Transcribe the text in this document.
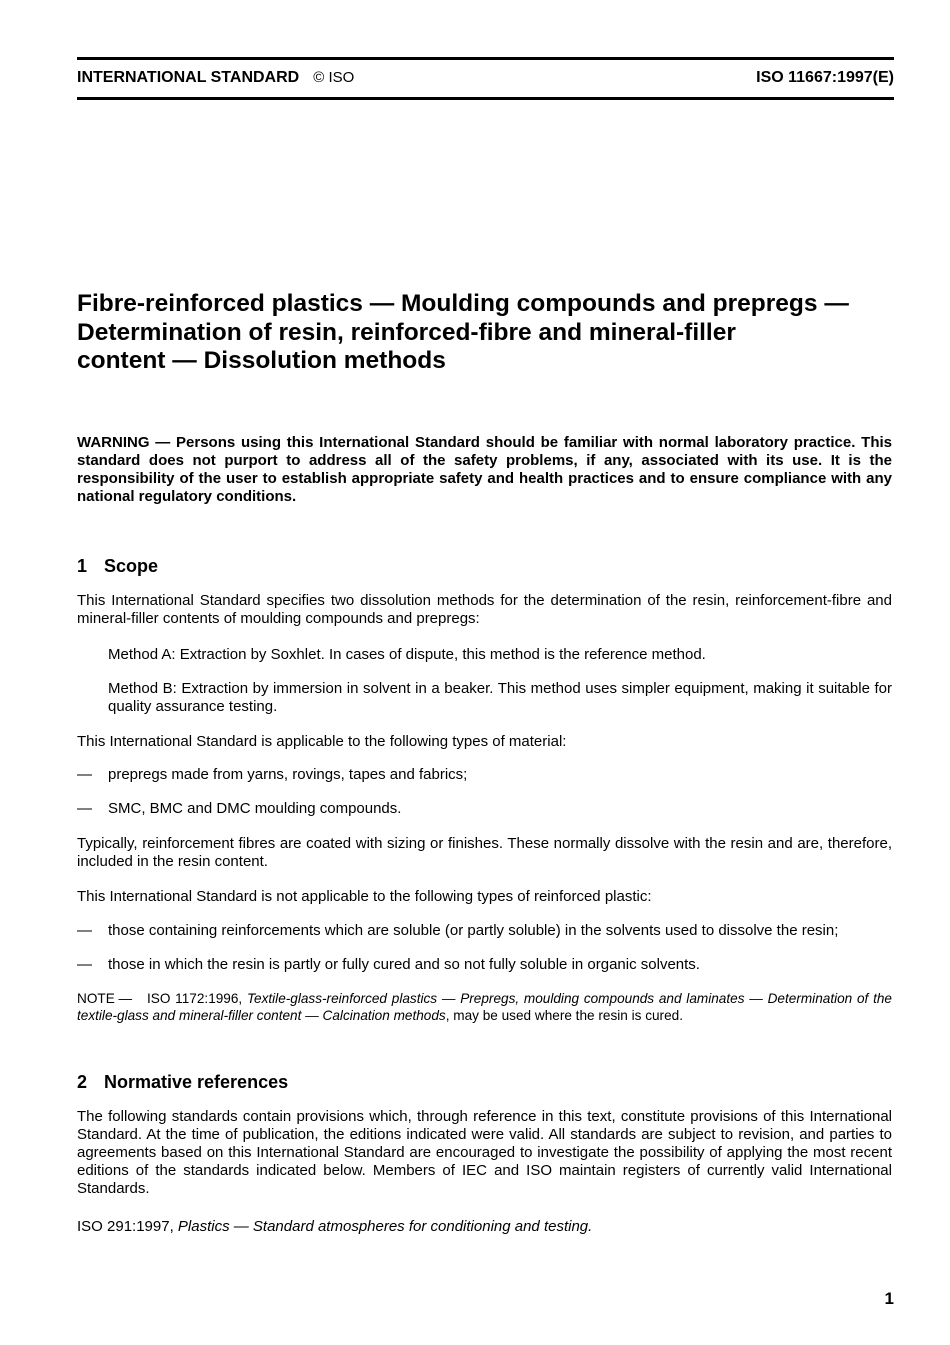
INTERNATIONAL STANDARD © ISO	ISO 11667:1997(E)
Fibre-reinforced plastics — Moulding compounds and prepregs —
Determination of resin, reinforced-fibre and mineral-filler
content — Dissolution methods

WARNING — Persons using this International Standard should be familiar with normal laboratory practice. This standard does not purport to address all of the safety problems, if any, associated with its use. It is the responsibility of the user to establish appropriate safety and health practices and to ensure compliance with any national regulatory conditions.

1 Scope

This International Standard specifies two dissolution methods for the determination of the resin, reinforcement-fibre and mineral-filler contents of moulding compounds and prepregs:

Method A: Extraction by Soxhlet. In cases of dispute, this method is the reference method.

Method B: Extraction by immersion in solvent in a beaker. This method uses simpler equipment, making it suitable for quality assurance testing.

This International Standard is applicable to the following types of material:

— prepregs made from yarns, rovings, tapes and fabrics;

— SMC, BMC and DMC moulding compounds.

Typically, reinforcement fibres are coated with sizing or finishes. These normally dissolve with the resin and are, therefore, included in the resin content.

This International Standard is not applicable to the following types of reinforced plastic:

— those containing reinforcements which are soluble (or partly soluble) in the solvents used to dissolve the resin;

— those in which the resin is partly or fully cured and so not fully soluble in organic solvents.

NOTE — ISO 1172:1996, Textile-glass-reinforced plastics — Prepregs, moulding compounds and laminates — Determination of the textile-glass and mineral-filler content — Calcination methods, may be used where the resin is cured.

2 Normative references

The following standards contain provisions which, through reference in this text, constitute provisions of this International Standard. At the time of publication, the editions indicated were valid. All standards are subject to revision, and parties to agreements based on this International Standard are encouraged to investigate the possibility of applying the most recent editions of the standards indicated below. Members of IEC and ISO maintain registers of currently valid International Standards.

ISO 291:1997, Plastics — Standard atmospheres for conditioning and testing.

1
